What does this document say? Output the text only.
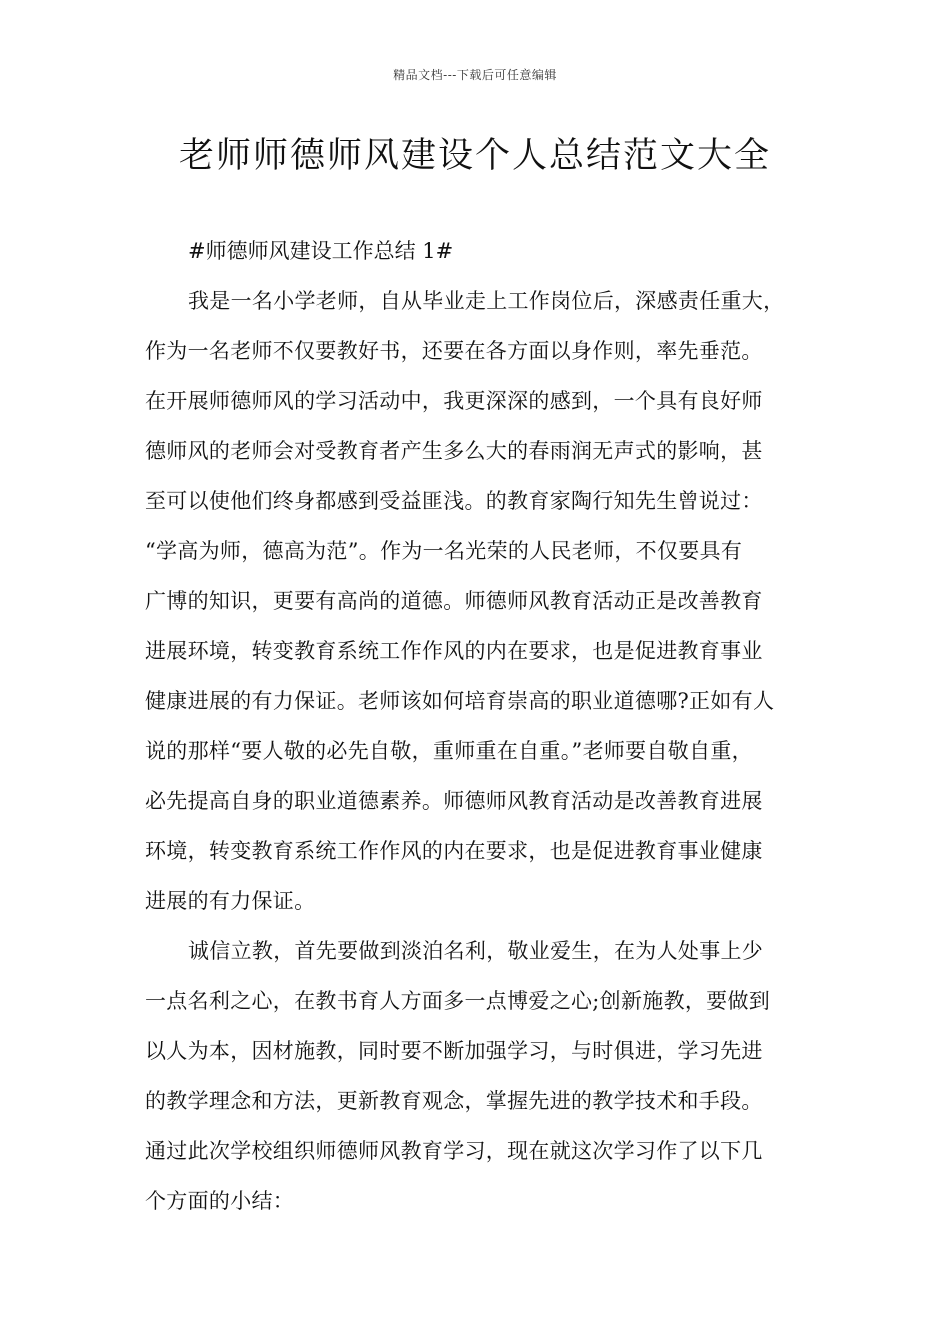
精品文档---下载后可任意编辑
老师师德师风建设个人总结范文大全
#师德师风建设工作总结 1#
我是一名小学老师，自从毕业走上工作岗位后，深感责任重大，
作为一名老师不仅要教好书，还要在各方面以身作则，率先垂范。
在开展师德师风的学习活动中，我更深深的感到，一个具有良好师
德师风的老师会对受教育者产生多么大的春雨润无声式的影响，甚
至可以使他们终身都感到受益匪浅。的教育家陶行知先生曾说过：
“学高为师，德高为范”。作为一名光荣的人民老师，不仅要具有
广博的知识，更要有高尚的道德。师德师风教育活动正是改善教育
进展环境，转变教育系统工作作风的内在要求，也是促进教育事业
健康进展的有力保证。老师该如何培育崇高的职业道德哪?正如有人
说的那样“要人敬的必先自敬，重师重在自重。”老师要自敬自重，
必先提高自身的职业道德素养。师德师风教育活动是改善教育进展
环境，转变教育系统工作作风的内在要求，也是促进教育事业健康
进展的有力保证。
诚信立教，首先要做到淡泊名利，敬业爱生，在为人处事上少
一点名利之心，在教书育人方面多一点博爱之心;创新施教，要做到
以人为本，因材施教，同时要不断加强学习，与时俱进，学习先进
的教学理念和方法，更新教育观念，掌握先进的教学技术和手段。
通过此次学校组织师德师风教育学习，现在就这次学习作了以下几
个方面的小结：
